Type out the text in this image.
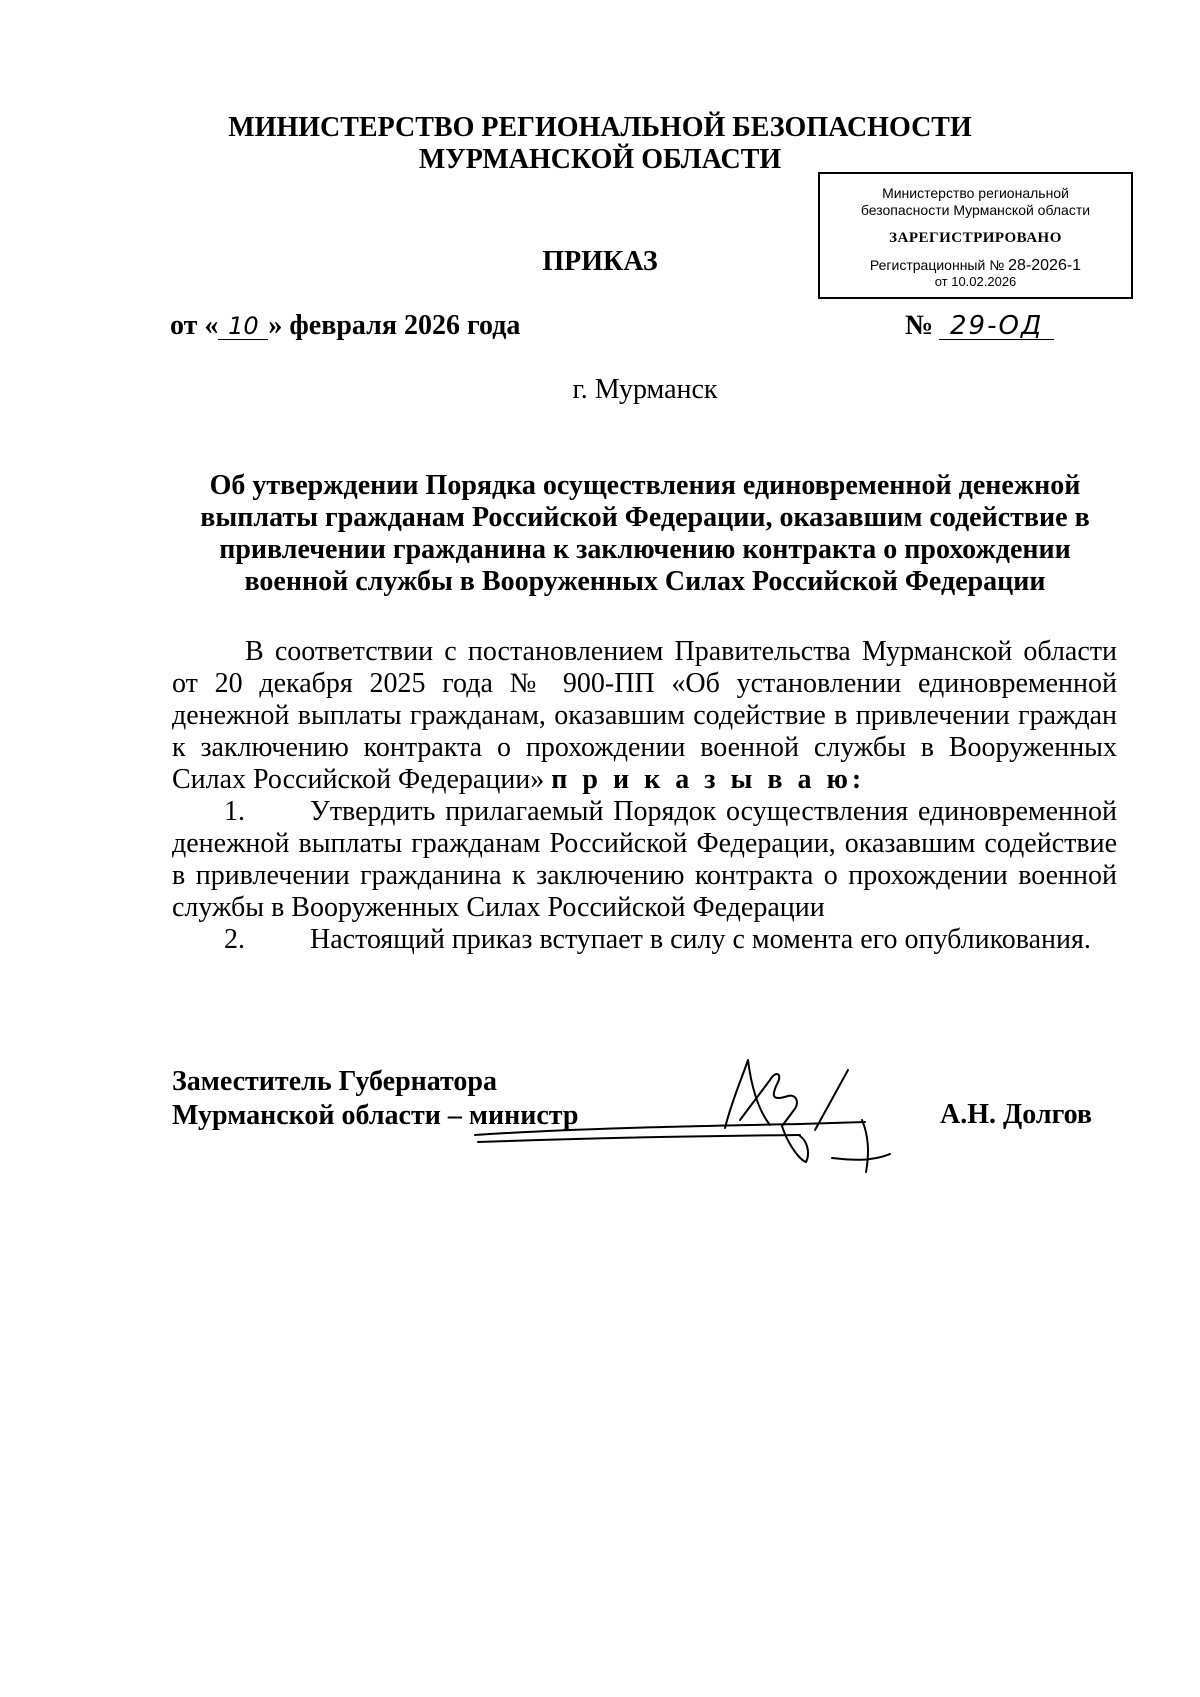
МИНИСТЕРСТВО РЕГИОНАЛЬНОЙ БЕЗОПАСНОСТИ
МУРМАНСКОЙ ОБЛАСТИ
Министерство региональной
безопасности Мурманской области
ЗАРЕГИСТРИРОВАНО
Регистрационный № 28-2026-1
от 10.02.2026
ПРИКАЗ
от « 10 » февраля 2026 года	№ 29-ОД
г. Мурманск
Об утверждении Порядка осуществления единовременной денежной
выплаты гражданам Российской Федерации, оказавшим содействие в
привлечении гражданина к заключению контракта о прохождении
военной службы в Вооруженных Силах Российской Федерации

В соответствии с постановлением Правительства Мурманской области от 20 декабря 2025 года № 900-ПП «Об установлении единовременной денежной выплаты гражданам, оказавшим содействие в привлечении граждан к заключению контракта о прохождении военной службы в Вооруженных Силах Российской Федерации» п р и к а з ы в а ю:

1. Утвердить прилагаемый Порядок осуществления единовременной денежной выплаты гражданам Российской Федерации, оказавшим содействие в привлечении гражданина к заключению контракта о прохождении военной службы в Вооруженных Силах Российской Федерации

2. Настоящий приказ вступает в силу с момента его опубликования.

Заместитель Губернатора
Мурманской области – министр	А.Н. Долгов
